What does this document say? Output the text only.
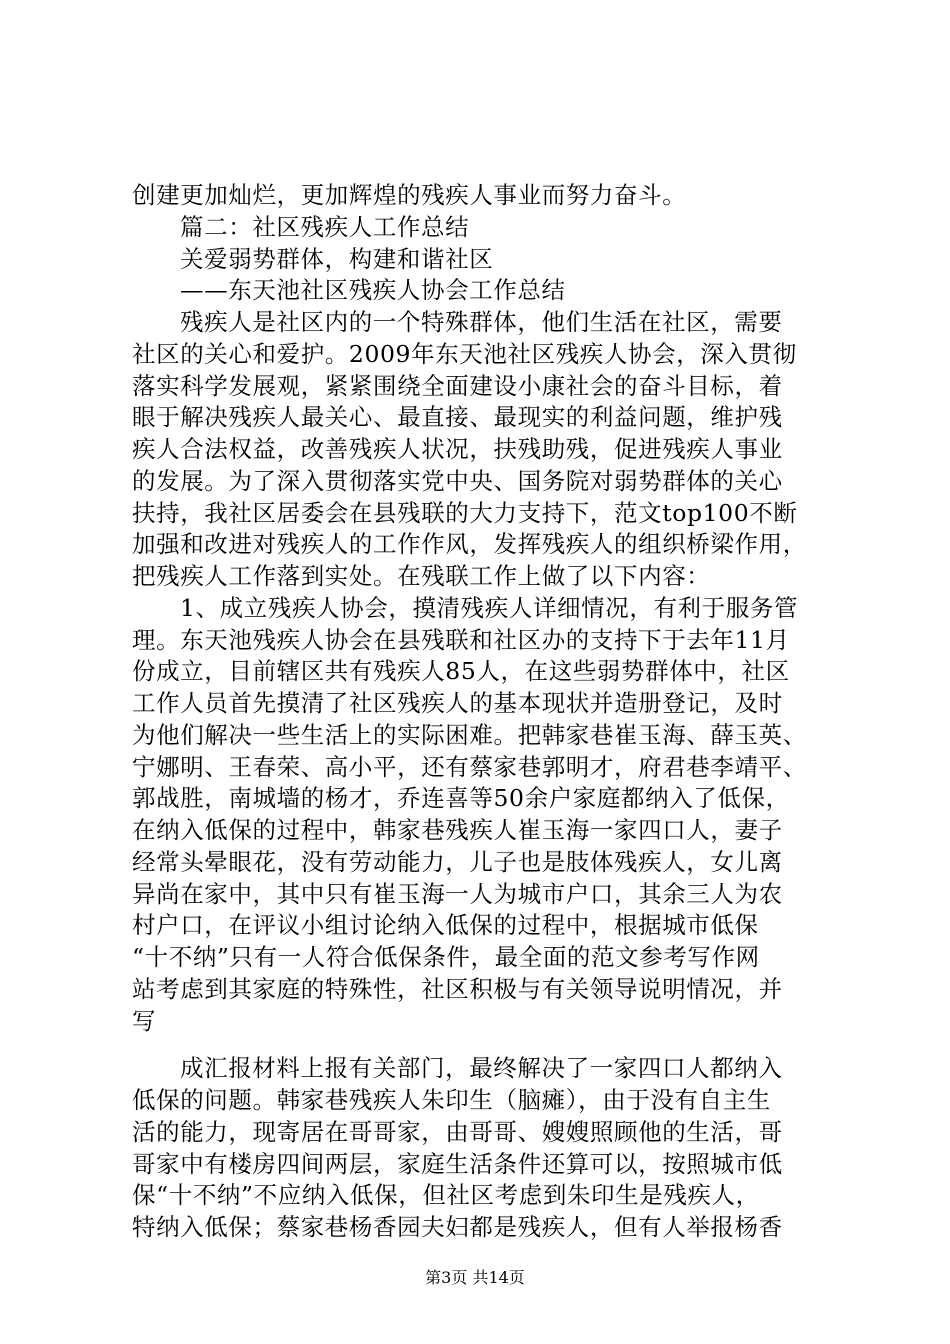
创建更加灿烂，更加辉煌的残疾人事业而努力奋斗。

篇二：社区残疾人工作总结

关爱弱势群体，构建和谐社区

——东天池社区残疾人协会工作总结

残疾人是社区内的一个特殊群体，他们生活在社区，需要

社区的关心和爱护。2009年东天池社区残疾人协会，深入贯彻

落实科学发展观，紧紧围绕全面建设小康社会的奋斗目标，着

眼于解决残疾人最关心、最直接、最现实的利益问题，维护残

疾人合法权益，改善残疾人状况，扶残助残，促进残疾人事业

的发展。为了深入贯彻落实党中央、国务院对弱势群体的关心

扶持，我社区居委会在县残联的大力支持下，范文top100不断

加强和改进对残疾人的工作作风，发挥残疾人的组织桥梁作用，

把残疾人工作落到实处。在残联工作上做了以下内容：

1、成立残疾人协会，摸清残疾人详细情况，有利于服务管

理。东天池残疾人协会在县残联和社区办的支持下于去年11月

份成立，目前辖区共有残疾人85人，在这些弱势群体中，社区

工作人员首先摸清了社区残疾人的基本现状并造册登记，及时

为他们解决一些生活上的实际困难。把韩家巷崔玉海、薛玉英、

宁娜明、王春荣、高小平，还有蔡家巷郭明才，府君巷李靖平、

郭战胜，南城墙的杨才，乔连喜等50余户家庭都纳入了低保，

在纳入低保的过程中，韩家巷残疾人崔玉海一家四口人，妻子

经常头晕眼花，没有劳动能力，儿子也是肢体残疾人，女儿离

异尚在家中，其中只有崔玉海一人为城市户口，其余三人为农

村户口，在评议小组讨论纳入低保的过程中，根据城市低保

“十不纳”只有一人符合低保条件，最全面的范文参考写作网

站考虑到其家庭的特殊性，社区积极与有关领导说明情况，并

写

成汇报材料上报有关部门，最终解决了一家四口人都纳入

低保的问题。韩家巷残疾人朱印生（脑瘫），由于没有自主生

活的能力，现寄居在哥哥家，由哥哥、嫂嫂照顾他的生活，哥

哥家中有楼房四间两层，家庭生活条件还算可以，按照城市低

保“十不纳”不应纳入低保，但社区考虑到朱印生是残疾人，

特纳入低保；蔡家巷杨香园夫妇都是残疾人，但有人举报杨香

第3页 共14页
